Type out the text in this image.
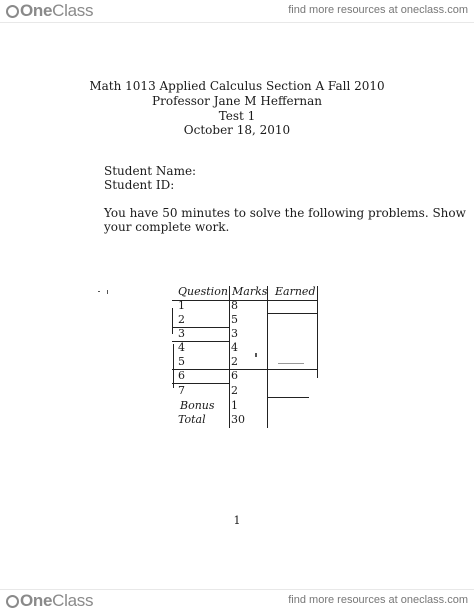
OneClass	find more resources at oneclass.com
Math 1013 Applied Calculus Section A Fall 2010
Professor Jane M Heffernan
Test 1
October 18, 2010
Student Name:
Student ID:
You have 50 minutes to solve the following problems. Show
your complete work.
Question Marks Earned
1	8
2	5
3	3
4	4
5	2
6	6
7	2
Bonus 1
Total 30
1
OneClass	find more resources at oneclass.com
